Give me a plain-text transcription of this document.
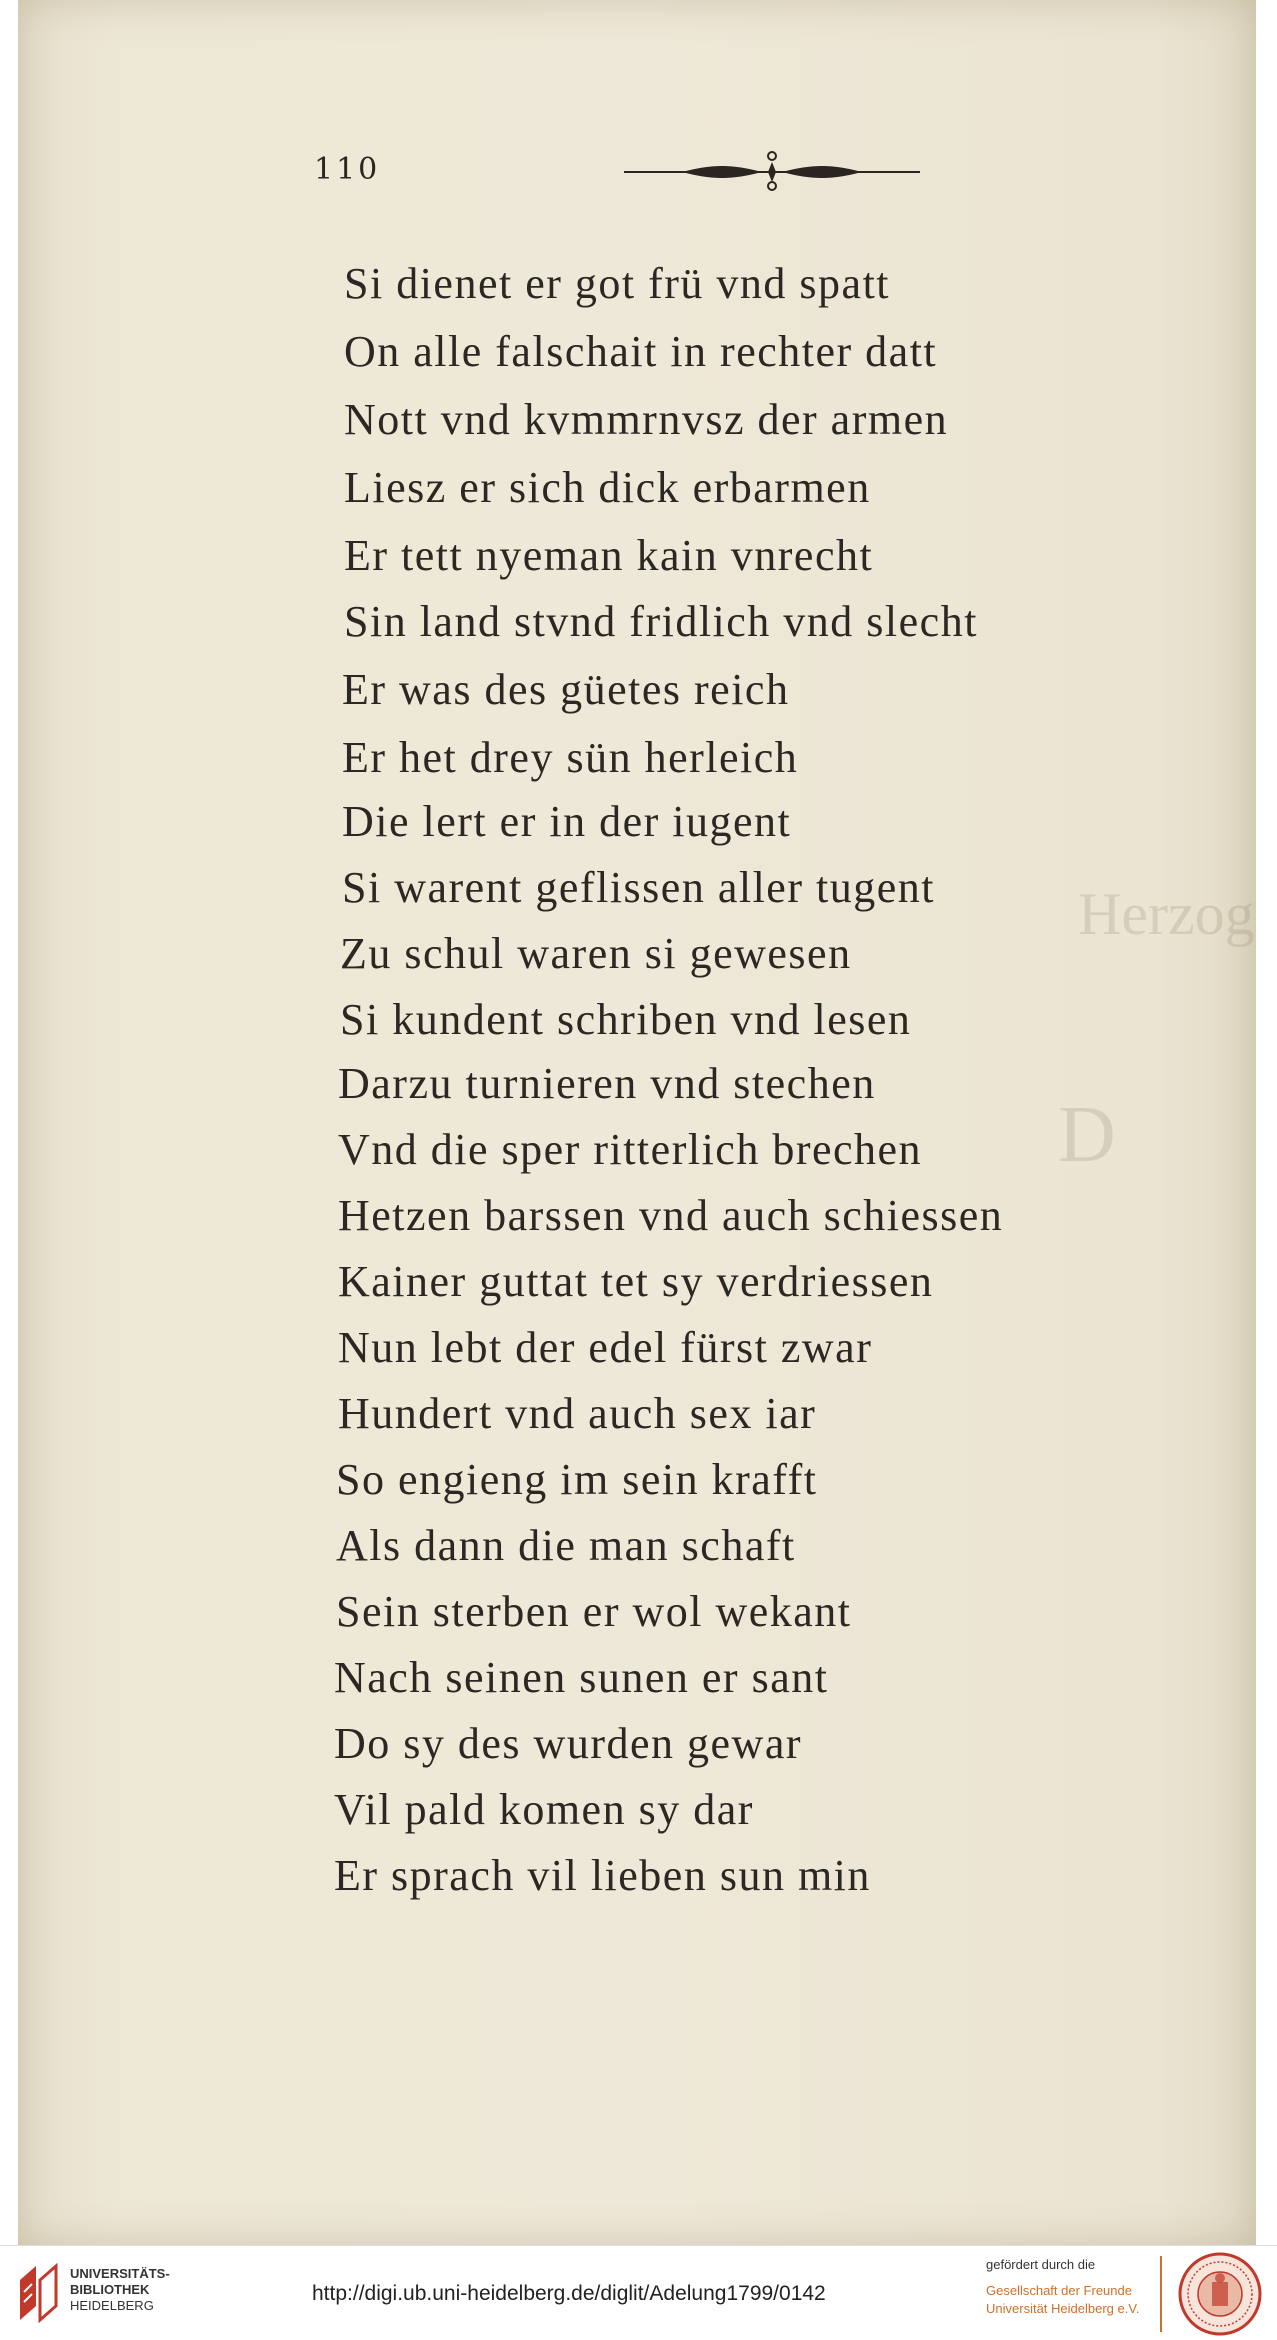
Herzog
D
110
Si dienet er got frü vnd spatt
On alle falschait in rechter datt
Nott vnd kvmmrnvsz der armen
Liesz er sich dick erbarmen
Er tett nyeman kain vnrecht
Sin land stvnd fridlich vnd slecht
Er was des güetes reich
Er het drey sün herleich
Die lert er in der iugent
Si warent geflissen aller tugent
Zu schul waren si gewesen
Si kundent schriben vnd lesen
Darzu turnieren vnd stechen
Vnd die sper ritterlich brechen
Hetzen barssen vnd auch schiessen
Kainer guttat tet sy verdriessen
Nun lebt der edel fürst zwar
Hundert vnd auch sex iar
So engieng im sein krafft
Als dann die man schaft
Sein sterben er wol wekant
Nach seinen sunen er sant
Do sy des wurden gewar
Vil pald komen sy dar
Er sprach vil lieben sun min
UNIVERSITÄTS-
BIBLIOTHEK
HEIDELBERG
http://digi.ub.uni-heidelberg.de/diglit/Adelung1799/0142
gefördert durch die
Gesellschaft der Freunde
Universität Heidelberg e.V.
